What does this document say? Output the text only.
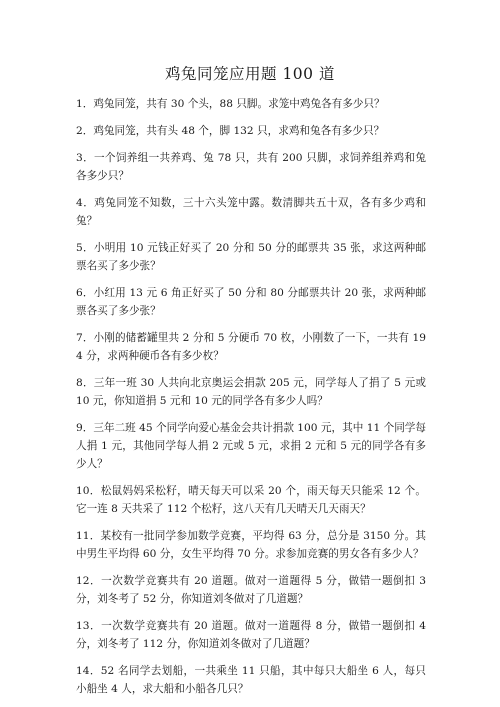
鸡兔同笼应用题 100 道

1．鸡兔同笼，共有 30 个头，88 只脚。求笼中鸡兔各有多少只？

2．鸡兔同笼，共有头 48 个，脚 132 只，求鸡和兔各有多少只？

3．一个饲养组一共养鸡、兔 78 只，共有 200 只脚，求饲养组养鸡和兔各多少只？

4．鸡兔同笼不知数，三十六头笼中露。数清脚共五十双，各有多少鸡和兔？

5．小明用 10 元钱正好买了 20 分和 50 分的邮票共 35 张，求这两种邮票名买了多少张？

6．小红用 13 元 6 角正好买了 50 分和 80 分邮票共计 20 张，求两种邮票各买了多少张？

7．小刚的储蓄罐里共 2 分和 5 分硬币 70 枚，小刚数了一下，一共有 194 分，求两种硬币各有多少枚？

8．三年一班 30 人共向北京奥运会捐款 205 元，同学每人了捐了 5 元或 10 元，你知道捐 5 元和 10 元的同学各有多少人吗？

9．三年二班 45 个同学向爱心基金会共计捐款 100 元，其中 11 个同学每人捐 1 元，其他同学每人捐 2 元或 5 元，求捐 2 元和 5 元的同学各有多少人？

10．松鼠妈妈采松籽，晴天每天可以采 20 个，雨天每天只能采 12 个。它一连 8 天共采了 112 个松籽，这八天有几天晴天几天雨天？

11．某校有一批同学参加数学竞赛，平均得 63 分，总分是 3150 分。其中男生平均得 60 分，女生平均得 70 分。求参加竞赛的男女各有多少人？

12．一次数学竞赛共有 20 道题。做对一道题得 5 分，做错一题倒扣 3 分，刘冬考了 52 分，你知道刘冬做对了几道题？

13．一次数学竞赛共有 20 道题。做对一道题得 8 分，做错一题倒扣 4 分，刘冬考了 112 分，你知道刘冬做对了几道题？

14．52 名同学去划船，一共乘坐 11 只船，其中每只大船坐 6 人，每只小船坐 4 人，求大船和小船各几只？
